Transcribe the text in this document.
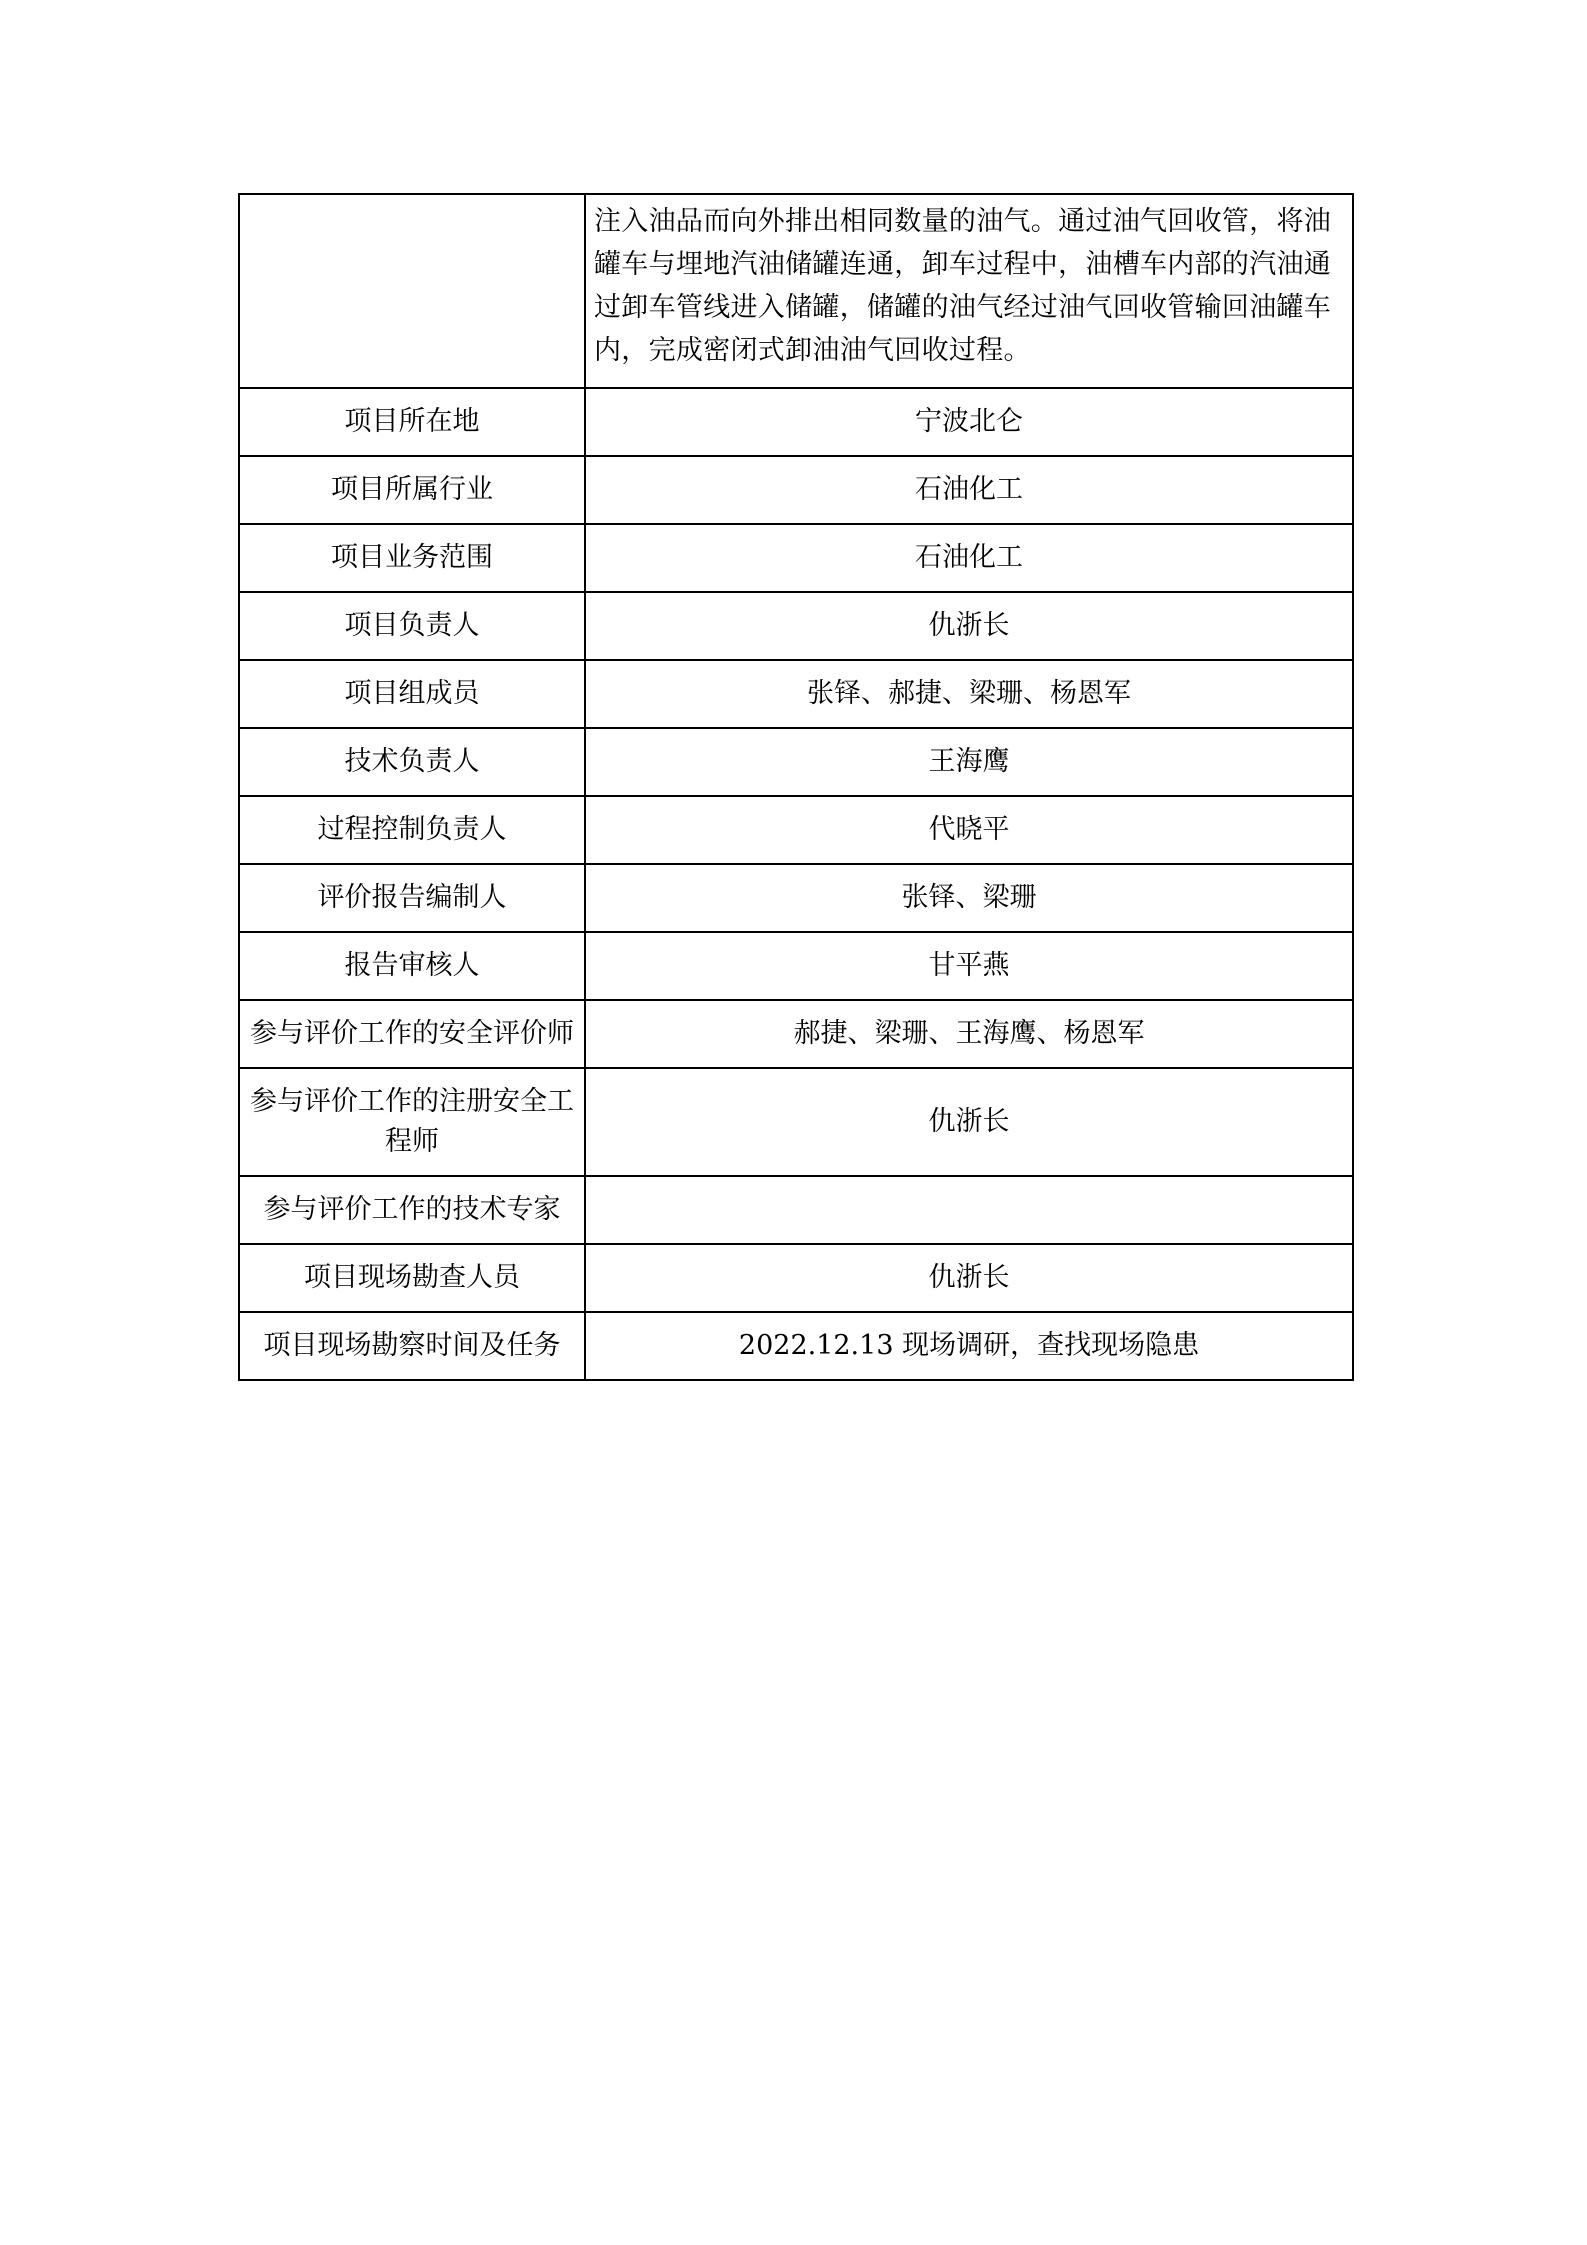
	注入油品而向外排出相同数量的油气。通过油气回收管，将油罐车与埋地汽油储罐连通，卸车过程中，油槽车内部的汽油通过卸车管线进入储罐，储罐的油气经过油气回收管输回油罐车内，完成密闭式卸油油气回收过程。
项目所在地	宁波北仑
项目所属行业	石油化工
项目业务范围	石油化工
项目负责人	仇浙长
项目组成员	张铎、郝捷、梁珊、杨恩军
技术负责人	王海鹰
过程控制负责人	代晓平
评价报告编制人	张铎、梁珊
报告审核人	甘平燕
参与评价工作的安全评价师	郝捷、梁珊、王海鹰、杨恩军
参与评价工作的注册安全工程师	仇浙长
参与评价工作的技术专家	
项目现场勘查人员	仇浙长
项目现场勘察时间及任务	2022.12.13 现场调研，查找现场隐患
